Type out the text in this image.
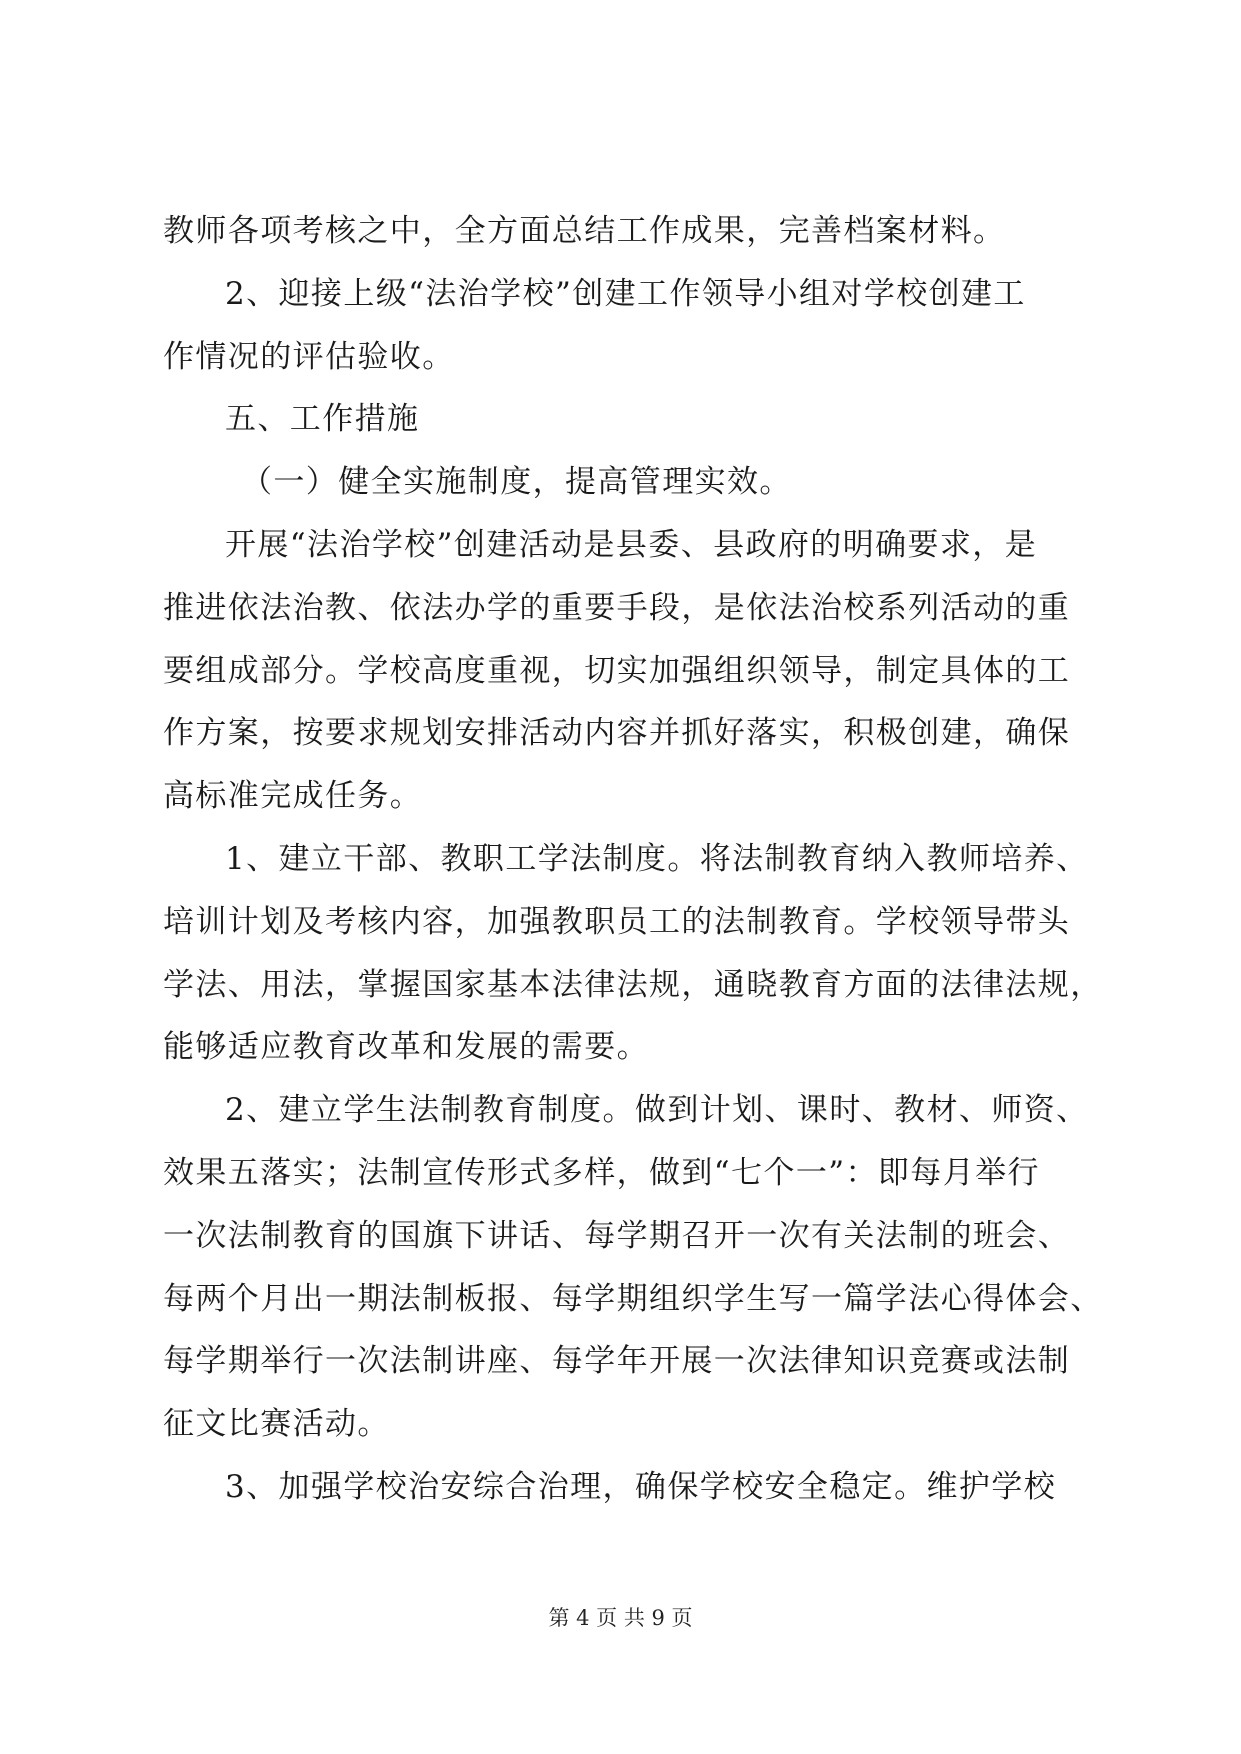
教师各项考核之中，全方面总结工作成果，完善档案材料。
2、迎接上级“法治学校”创建工作领导小组对学校创建工
作情况的评估验收。
五、工作措施
（一）健全实施制度，提高管理实效。
开展“法治学校”创建活动是县委、县政府的明确要求，是
推进依法治教、依法办学的重要手段，是依法治校系列活动的重
要组成部分。学校高度重视，切实加强组织领导，制定具体的工
作方案，按要求规划安排活动内容并抓好落实，积极创建，确保
高标准完成任务。
1、建立干部、教职工学法制度。将法制教育纳入教师培养、
培训计划及考核内容，加强教职员工的法制教育。学校领导带头
学法、用法，掌握国家基本法律法规，通晓教育方面的法律法规，
能够适应教育改革和发展的需要。
2、建立学生法制教育制度。做到计划、课时、教材、师资、
效果五落实；法制宣传形式多样，做到“七个一”：即每月举行
一次法制教育的国旗下讲话、每学期召开一次有关法制的班会、
每两个月出一期法制板报、每学期组织学生写一篇学法心得体会、
每学期举行一次法制讲座、每学年开展一次法律知识竞赛或法制
征文比赛活动。
3、加强学校治安综合治理，确保学校安全稳定。维护学校
第 4 页 共 9 页
